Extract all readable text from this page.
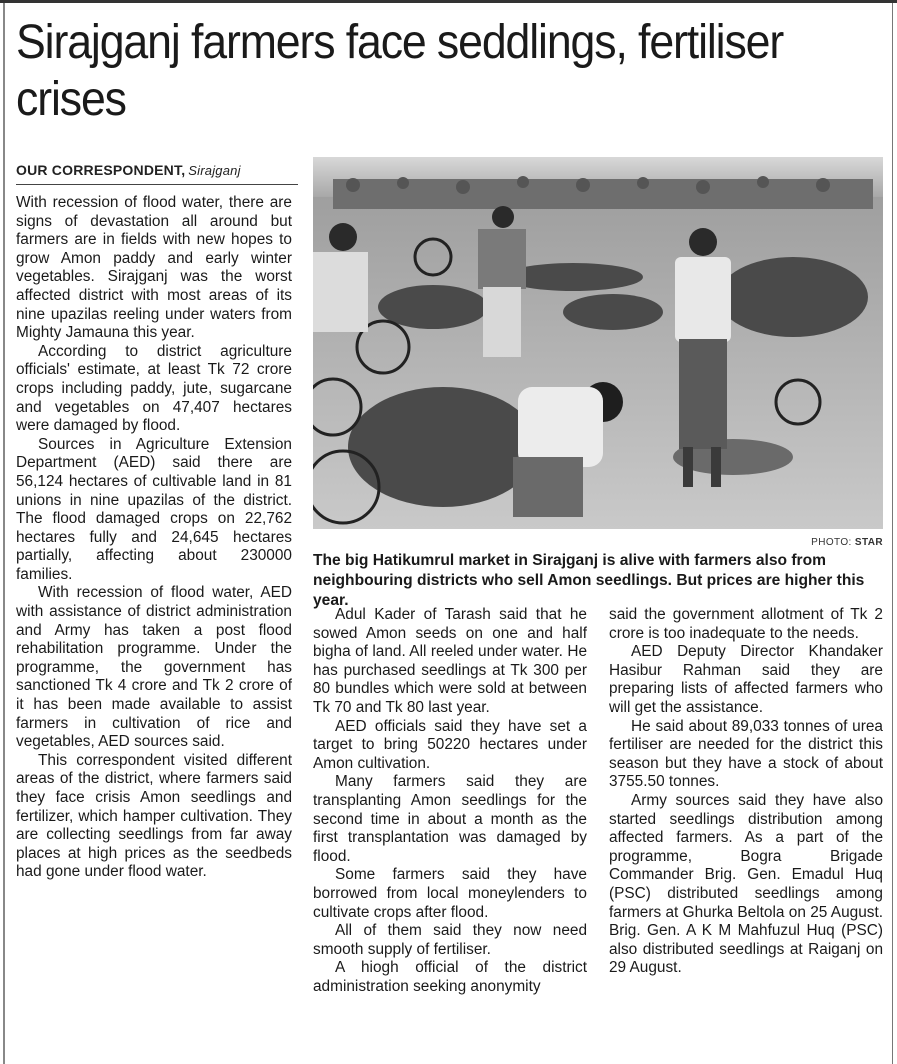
Sirajganj farmers face seddlings, fertiliser crises
OUR CORRESPONDENT, Sirajganj

With recession of flood water, there are signs of devastation all around but farmers are in fields with new hopes to grow Amon paddy and early winter vegetables. Sirajganj was the worst affected district with most areas of its nine upazilas reeling under waters from Mighty Jamauna this year.

According to district agriculture officials' estimate, at least Tk 72 crore crops including paddy, jute, sugarcane and vegetables on 47,407 hectares were damaged by flood.

Sources in Agriculture Extension Department (AED) said there are 56,124 hectares of cultivable land in 81 unions in nine upazilas of the district. The flood damaged crops on 22,762 hectares fully and 24,645 hectares partially, affecting about 230000 families.

With recession of flood water, AED with assistance of district administration and Army has taken a post flood rehabilitation programme. Under the programme, the government has sanctioned Tk 4 crore and Tk 2 crore of it has been made available to assist farmers in cultivation of rice and vegetables, AED sources said.

This correspondent visited different areas of the district, where farmers said they face crisis Amon seedlings and fertilizer, which hamper cultivation. They are collecting seedlings from far away places at high prices as the seedbeds had gone under flood water.

PHOTO: STAR
The big Hatikumrul market in Sirajganj is alive with farmers also from neighbouring districts who sell Amon seedlings. But prices are higher this year.

Adul Kader of Tarash said that he sowed Amon seeds on one and half bigha of land. All reeled under water. He has purchased seedlings at Tk 300 per 80 bundles which were sold at between Tk 70 and Tk 80 last year.

AED officials said they have set a target to bring 50220 hectares under Amon cultivation.

Many farmers said they are transplanting Amon seedlings for the second time in about a month as the first transplantation was damaged by flood.

Some farmers said they have borrowed from local moneylenders to cultivate crops after flood.

All of them said they now need smooth supply of fertiliser.

A hiogh official of the district administration seeking anonymity

said the government allotment of Tk 2 crore is too inadequate to the needs.

AED Deputy Director Khandaker Hasibur Rahman said they are preparing lists of affected farmers who will get the assistance.

He said about 89,033 tonnes of urea fertiliser are needed for the district this season but they have a stock of about 3755.50 tonnes.

Army sources said they have also started seedlings distribution among affected farmers. As a part of the programme, Bogra Brigade Commander Brig. Gen. Emadul Huq (PSC) distributed seedlings among farmers at Ghurka Beltola on 25 August. Brig. Gen. A K M Mahfuzul Huq (PSC) also distributed seedlings at Raiganj on 29 August.
